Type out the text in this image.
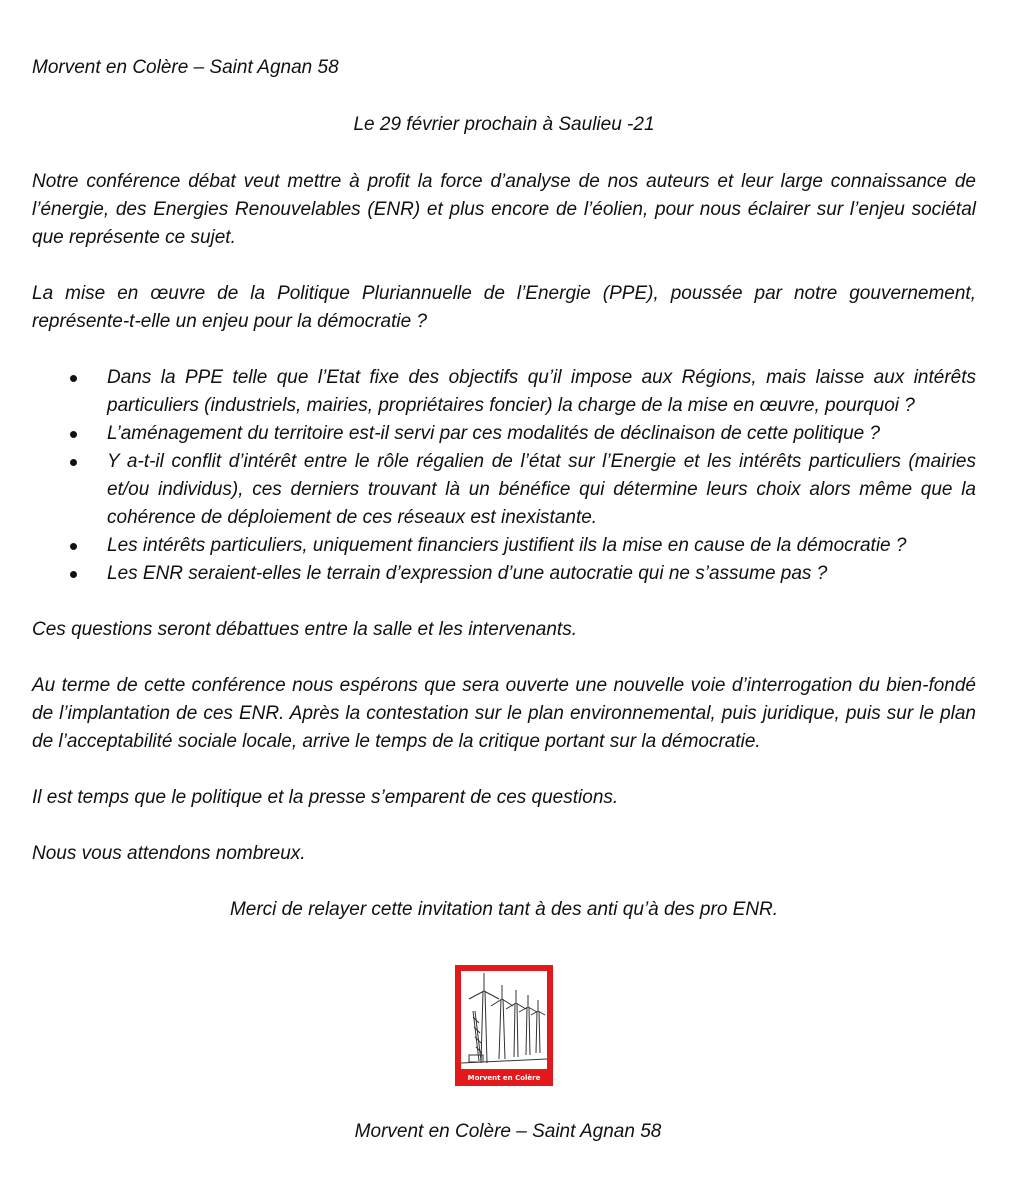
Morvent en Colère – Saint Agnan 58

Le 29 février prochain à Saulieu -21

Notre conférence débat veut mettre à profit la force d’analyse de nos auteurs et leur large connaissance de l’énergie, des Energies Renouvelables (ENR) et plus encore de l’éolien, pour nous éclairer sur l’enjeu sociétal que représente ce sujet.

La mise en œuvre de la Politique Pluriannuelle de l’Energie (PPE), poussée par notre gouvernement, représente-t-elle un enjeu pour la démocratie ?

Dans la PPE telle que l’Etat fixe des objectifs qu’il impose aux Régions, mais laisse aux intérêts particuliers (industriels, mairies, propriétaires foncier) la charge de la mise en œuvre, pourquoi ?
L’aménagement du territoire est-il servi par ces modalités de déclinaison de cette politique ?
Y a-t-il conflit d’intérêt entre le rôle régalien de l’état sur l’Energie et les intérêts particuliers (mairies et/ou individus), ces derniers trouvant là un bénéfice qui détermine leurs choix alors même que la cohérence de déploiement de ces réseaux est inexistante.
Les intérêts particuliers, uniquement financiers justifient ils la mise en cause de la démocratie ?
Les ENR seraient-elles le terrain d’expression d’une autocratie qui ne s’assume pas ?

Ces questions seront débattues entre la salle et les intervenants.

Au terme de cette conférence nous espérons que sera ouverte une nouvelle voie d’interrogation du bien-fondé de l’implantation de ces ENR. Après la contestation sur le plan environnemental, puis juridique, puis sur le plan de l’acceptabilité sociale locale, arrive le temps de la critique portant sur la démocratie.

Il est temps que le politique et la presse s’emparent de ces questions.

Nous vous attendons nombreux.

Merci de relayer cette invitation tant à des anti qu’à des pro ENR.

Morvent en Colère

Morvent en Colère – Saint Agnan 58
